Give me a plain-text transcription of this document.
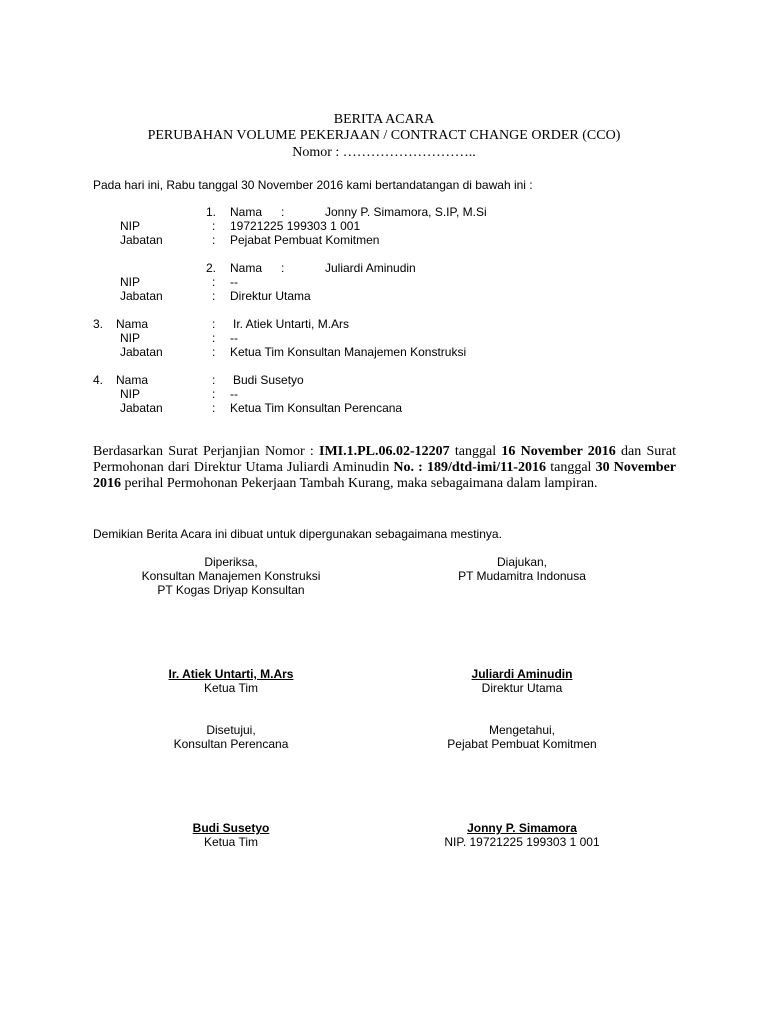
BERITA ACARA
PERUBAHAN VOLUME PEKERJAAN / CONTRACT CHANGE ORDER (CCO)
Nomor : ………………………..
Pada hari ini, Rabu tanggal 30 November 2016 kami bertandatangan di bawah ini :
1. Nama :	Jonny P. Simamora, S.IP, M.Si
NIP	: 19721225 199303 1 001
Jabatan	: Pejabat Pembuat Komitmen
2. Nama :	Juliardi Aminudin
NIP	: --
Jabatan	: Direktur Utama
3. Nama	: Ir. Atiek Untarti, M.Ars
NIP	: --
Jabatan	: Ketua Tim Konsultan Manajemen Konstruksi
4. Nama	: Budi Susetyo
NIP	: --
Jabatan	: Ketua Tim Konsultan Perencana
Berdasarkan Surat Perjanjian Nomor : IMI.1.PL.06.02-12207 tanggal 16 November 2016 dan Surat Permohonan dari Direktur Utama Juliardi Aminudin No. : 189/dtd-imi/11-2016 tanggal 30 November 2016 perihal Permohonan Pekerjaan Tambah Kurang, maka sebagaimana dalam lampiran.
Demikian Berita Acara ini dibuat untuk dipergunakan sebagaimana mestinya.
Diperiksa,
Konsultan Manajemen Konstruksi
PT Kogas Driyap Konsultan
Ir. Atiek Untarti, M.Ars
Ketua Tim
Diajukan,
PT Mudamitra Indonusa
Juliardi Aminudin
Direktur Utama
Disetujui,
Konsultan Perencana
Budi Susetyo
Ketua Tim
Mengetahui,
Pejabat Pembuat Komitmen
Jonny P. Simamora
NIP. 19721225 199303 1 001
